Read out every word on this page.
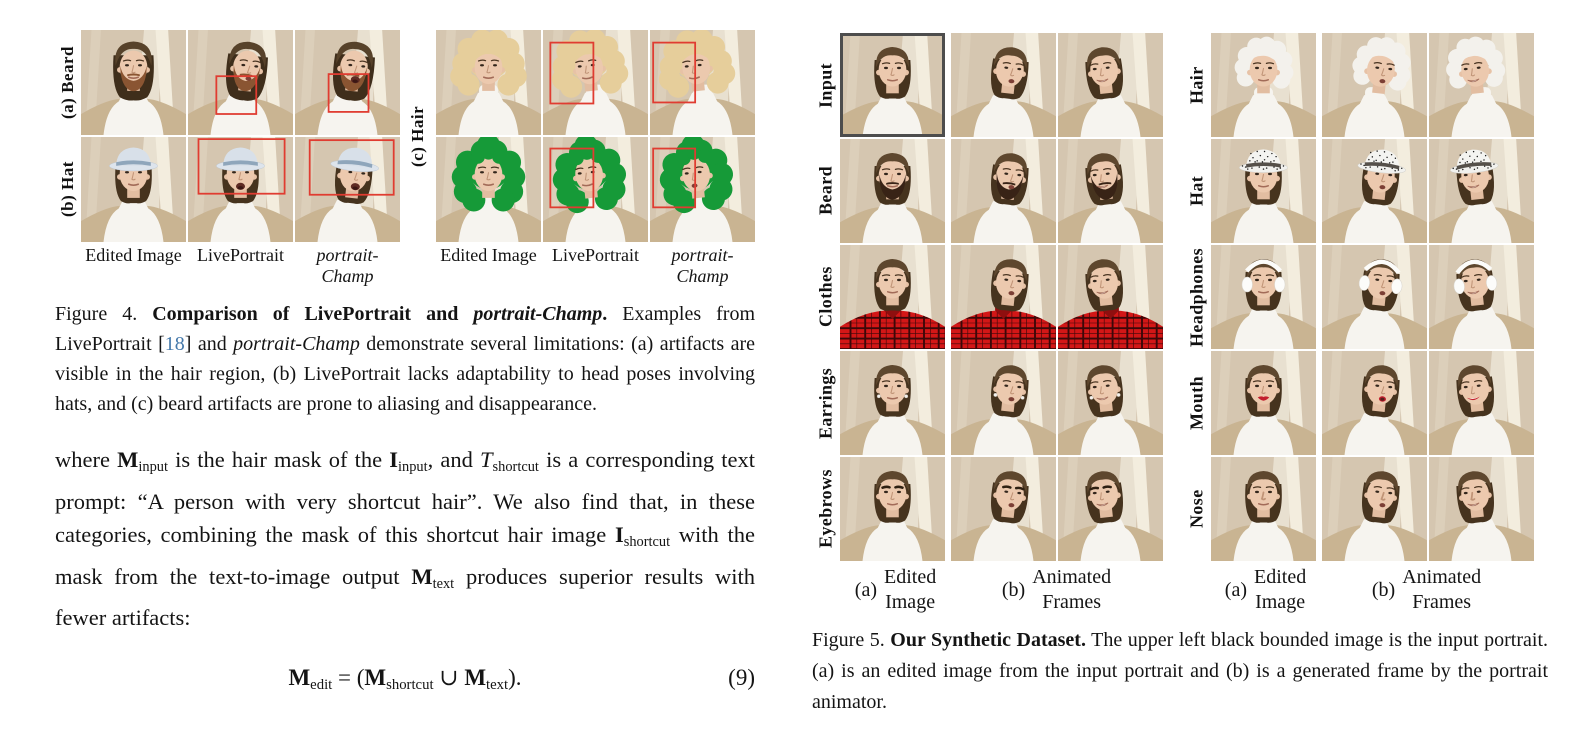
(a) Beard
(b) Hat
(c) Hair
Edited Image LivePortrait	portrait-Champ
Edited Image LivePortrait	portrait-Champ
Figure 4. Comparison of LivePortrait and portrait-Champ. Examples from LivePortrait [18] and portrait-Champ demonstrate several limitations: (a) artifacts are visible in the hair region, (b) LivePortrait lacks adaptability to head poses involving hats, and (c) beard artifacts are prone to aliasing and disappearance.

where $M_{input}$ is the hair mask of the $I_{input}$, and $T_{shortcut}$ is a corresponding text prompt: “A person with very shortcut hair”. We also find that, in these categories, combining the mask of this shortcut hair image $I_{shortcut}$ with the mask from the text-to-image output $M_{text}$ produces superior results with fewer artifacts:

$M_{edit} = (M_{shortcut}$ ∪ $M_{text}$).	(9)
Input
Beard
Clothes
Earrings
Eyebrows
Hair
Hat
Headphones
Mouth
Nose
(a)
Edited
Image
(b)
Animated
Frames
(a)
Edited
Image
(b)
Animated
Frames
Figure 5. Our Synthetic Dataset. The upper left black bounded image is the input portrait. (a) is an edited image from the input portrait and (b) is a generated frame by the portrait animator.
